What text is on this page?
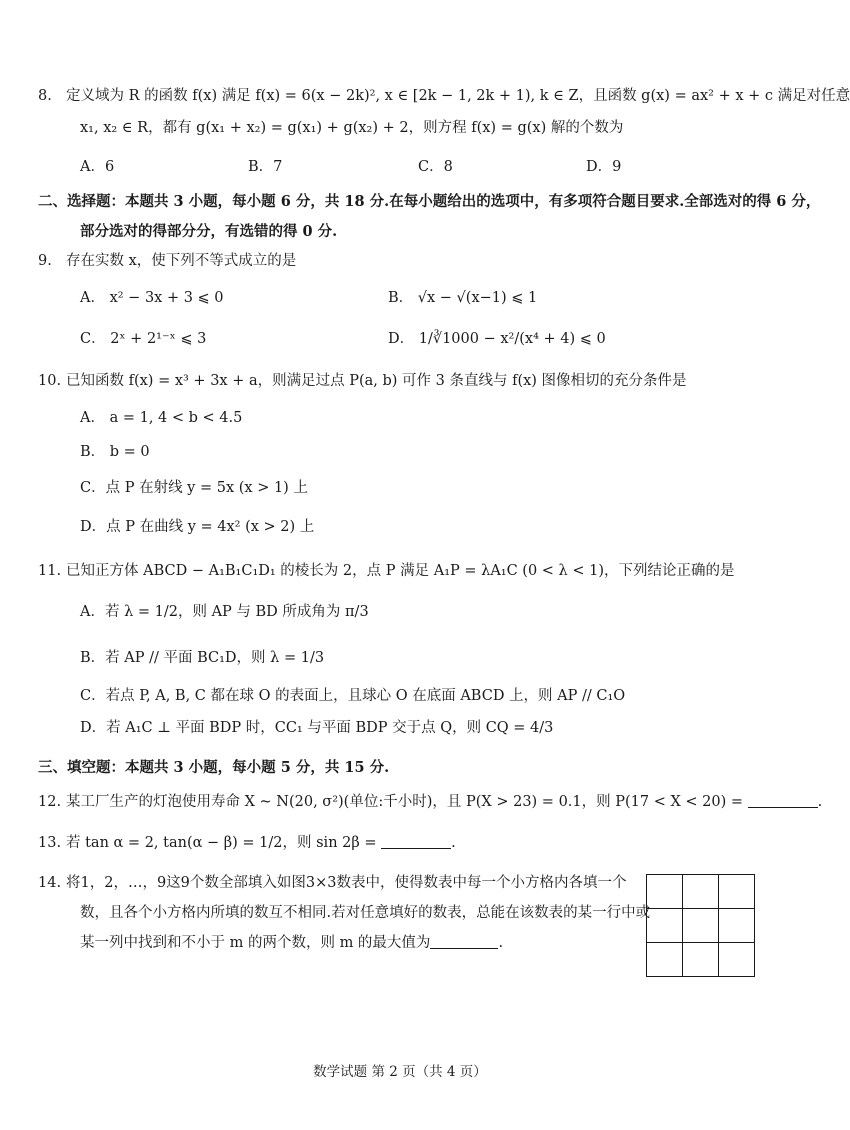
8. 定义域为 R 的函数 f(x) 满足 f(x) = 6(x − 2k)², x ∈ [2k − 1, 2k + 1), k ∈ Z，且函数 g(x) = ax² + x + c 满足对任意
x₁, x₂ ∈ R，都有 g(x₁ + x₂) = g(x₁) + g(x₂) + 2，则方程 f(x) = g(x) 解的个数为
A．6	B．7	C．8	D．9
二、选择题：本题共 3 小题，每小题 6 分，共 18 分.在每小题给出的选项中，有多项符合题目要求.全部选对的得 6 分，
部分选对的得部分分，有选错的得 0 分.
9. 存在实数 x，使下列不等式成立的是
A． x² − 3x + 3 ⩽ 0	B． √x − √(x−1) ⩽ 1
C． 2ˣ + 2¹⁻ˣ ⩽ 3	D． 1/∛1000 − x²/(x⁴ + 4) ⩽ 0
10. 已知函数 f(x) = x³ + 3x + a，则满足过点 P(a, b) 可作 3 条直线与 f(x) 图像相切的充分条件是
A． a = 1, 4 < b < 4.5
B． b = 0
C．点 P 在射线 y = 5x (x > 1) 上
D．点 P 在曲线 y = 4x² (x > 2) 上
11. 已知正方体 ABCD − A₁B₁C₁D₁ 的棱长为 2，点 P 满足 A₁P = λA₁C (0 < λ < 1)，下列结论正确的是
A．若 λ = 1/2，则 AP 与 BD 所成角为 π/3
B．若 AP // 平面 BC₁D，则 λ = 1/3
C．若点 P, A, B, C 都在球 O 的表面上，且球心 O 在底面 ABCD 上，则 AP // C₁O
D．若 A₁C ⊥ 平面 BDP 时，CC₁ 与平面 BDP 交于点 Q，则 CQ = 4/3
三、填空题：本题共 3 小题，每小题 5 分，共 15 分.
12. 某工厂生产的灯泡使用寿命 X ~ N(20, σ²)(单位:千小时)，且 P(X > 23) = 0.1，则 P(17 < X < 20) =	.
13. 若 tan α = 2, tan(α − β) = 1/2，则 sin 2β =	.
14. 将1，2，…，9这9个数全部填入如图3×3数表中，使得数表中每一个小方格内各填一个
数，且各个小方格内所填的数互不相同.若对任意填好的数表，总能在该数表的某一行中或
某一列中找到和不小于 m 的两个数，则 m 的最大值为	.

数学试题 第 2 页（共 4 页）
